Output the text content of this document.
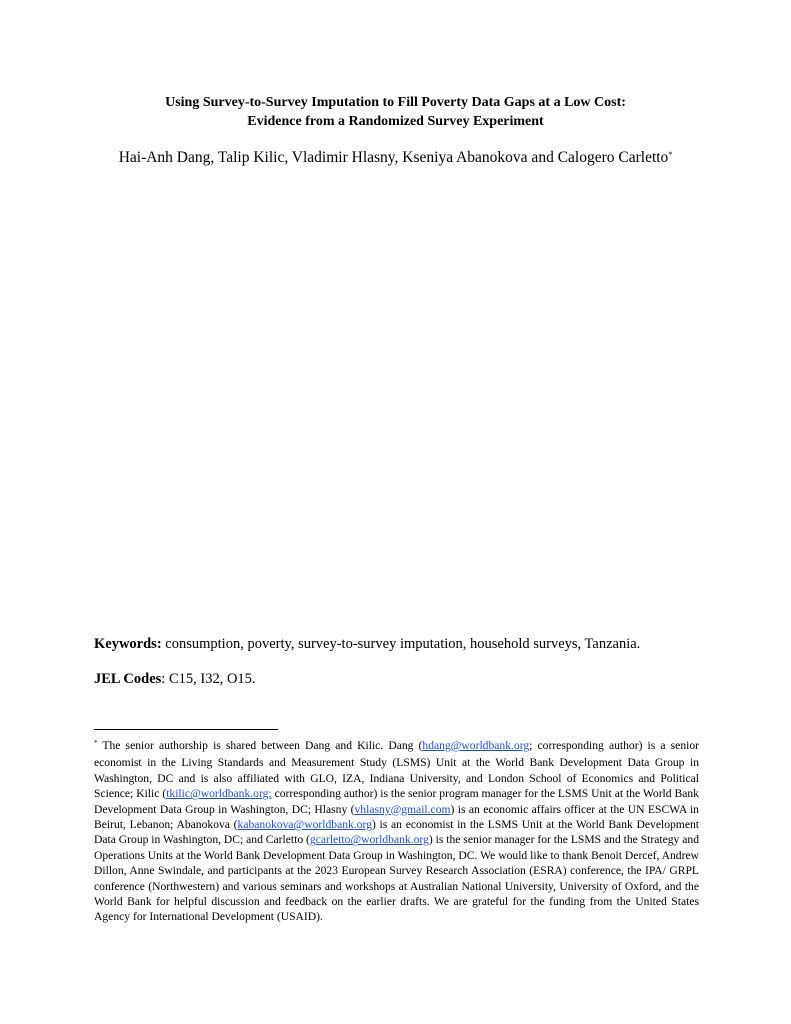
Using Survey-to-Survey Imputation to Fill Poverty Data Gaps at a Low Cost:
Evidence from a Randomized Survey Experiment
Hai-Anh Dang, Talip Kilic, Vladimir Hlasny, Kseniya Abanokova and Calogero Carletto*
Keywords: consumption, poverty, survey-to-survey imputation, household surveys, Tanzania.
JEL Codes: C15, I32, O15.
* The senior authorship is shared between Dang and Kilic. Dang (hdang@worldbank.org; corresponding author) is a senior economist in the Living Standards and Measurement Study (LSMS) Unit at the World Bank Development Data Group in Washington, DC and is also affiliated with GLO, IZA, Indiana University, and London School of Economics and Political Science; Kilic (tkilic@worldbank.org; corresponding author) is the senior program manager for the LSMS Unit at the World Bank Development Data Group in Washington, DC; Hlasny (vhlasny@gmail.com) is an economic affairs officer at the UN ESCWA in Beirut, Lebanon; Abanokova (kabanokova@worldbank.org) is an economist in the LSMS Unit at the World Bank Development Data Group in Washington, DC; and Carletto (gcarletto@worldbank.org) is the senior manager for the LSMS and the Strategy and Operations Units at the World Bank Development Data Group in Washington, DC. We would like to thank Benoit Dercef, Andrew Dillon, Anne Swindale, and participants at the 2023 European Survey Research Association (ESRA) conference, the IPA/ GRPL conference (Northwestern) and various seminars and workshops at Australian National University, University of Oxford, and the World Bank for helpful discussion and feedback on the earlier drafts. We are grateful for the funding from the United States Agency for International Development (USAID).
